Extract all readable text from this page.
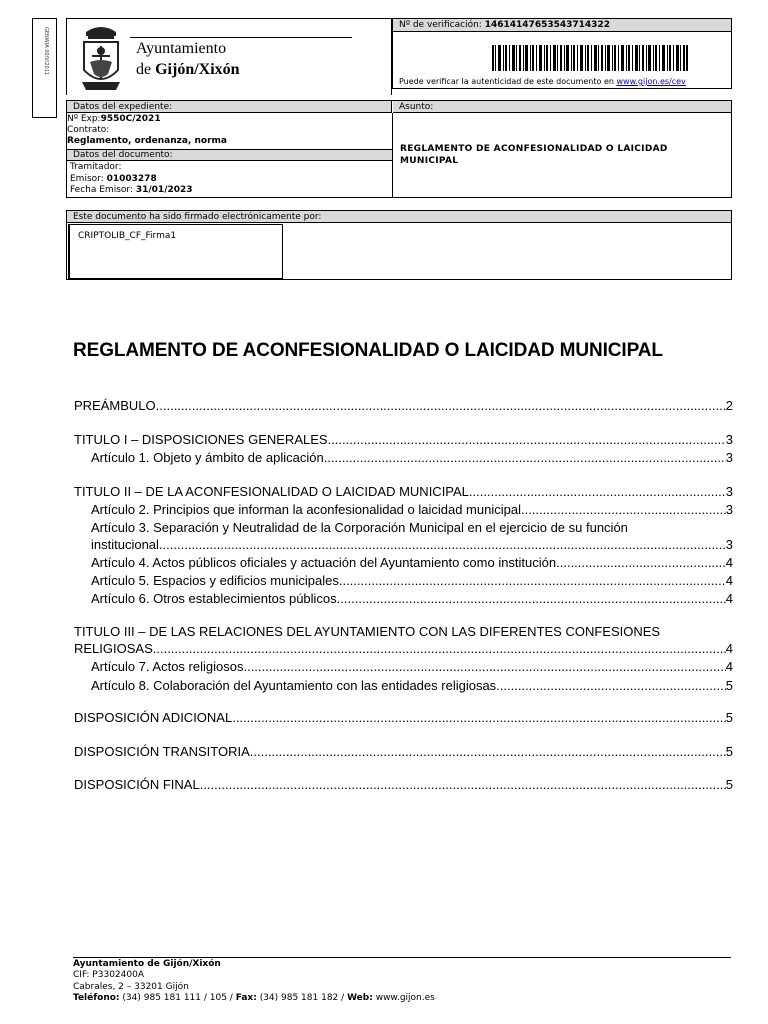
GENWIA 00/V/2011	Ayuntamiento
de Gijón/Xixón
Nº de verificación: 14614147653543714322
Puede verificar la autenticidad de este documento en www.gijon.es/cev
Datos del expediente:	Asunto:
Nº Exp:9550C/2021
Contrato:
Reglamento, ordenanza, norma
Datos del documento:
Tramitador:
Emisor: 01003278
Fecha Emisor: 31/01/2023
REGLAMENTO DE ACONFESIONALIDAD O LAICIDAD
MUNICIPAL
Este documento ha sido firmado electrónicamente por:
CRIPTOLIB_CF_Firma1
REGLAMENTO DE ACONFESIONALIDAD O LAICIDAD MUNICIPAL
PREÁMBULO .....	2
TITULO I – DISPOSICIONES GENERALES .....	3
Artículo 1. Objeto y ámbito de aplicación .....	3
TITULO II – DE LA ACONFESIONALIDAD O LAICIDAD MUNICIPAL .....	3
Artículo 2. Principios que informan la aconfesionalidad o laicidad municipal .....	3
Artículo 3. Separación y Neutralidad de la Corporación Municipal en el ejercicio de su función
institucional .....	3
Artículo 4. Actos públicos oficiales y actuación del Ayuntamiento como institución .....	4
Artículo 5. Espacios y edificios municipales .....	4
Artículo 6. Otros establecimientos públicos .....	4
TITULO III – DE LAS RELACIONES DEL AYUNTAMIENTO CON LAS DIFERENTES CONFESIONES
RELIGIOSAS .....	4
Artículo 7. Actos religiosos .....	4
Artículo 8. Colaboración del Ayuntamiento con las entidades religiosas .....	5
DISPOSICIÓN ADICIONAL .....	5
DISPOSICIÓN TRANSITORIA .....	5
DISPOSICIÓN FINAL .....	5
Ayuntamiento de Gijón/Xixón
CIF: P3302400A
Cabrales, 2 – 33201 Gijón
Teléfono: (34) 985 181 111 / 105 / Fax: (34) 985 181 182 / Web: www.gijon.es
